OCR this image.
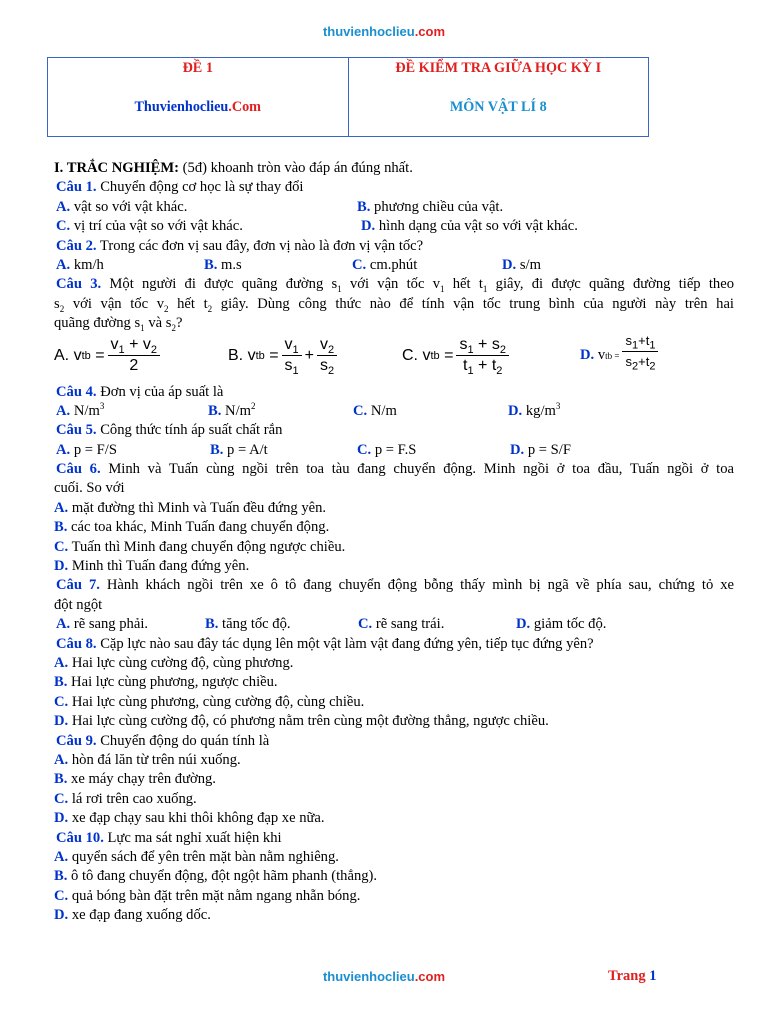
thuvienhoclieu.com
ĐỀ 1
Thuvienhoclieu.Com
ĐỀ KIỂM TRA GIỮA HỌC KỲ I
MÔN VẬT LÍ 8
I. TRẮC NGHIỆM: (5đ) khoanh tròn vào đáp án đúng nhất.
Câu 1. Chuyển động cơ học là sự thay đổi
A. vật so với vật khác.	B. phương chiều của vật.
C. vị trí của vật so với vật khác.	D. hình dạng của vật so với vật khác.
Câu 2. Trong các đơn vị sau đây, đơn vị nào là đơn vị vận tốc?
A. km/h	B. m.s	C. cm.phút	D. s/m
Câu 3. Một người đi được quãng đường $s_1$ với vận tốc $v_1$ hết $t_1$ giây, đi được quãng đường tiếp theo
$s_2$ với vận tốc $v_2$ hết $t_2$ giây. Dùng công thức nào để tính vận tốc trung bình của người này trên hai
quãng đường $s_1$ và $s_2$?
A. v tb
= $\frac{v_1 + v_2}{2}$	B. v tb
= $\frac{v_1}{s_1} + \frac{v_2}{s_2}$	C. v tb
= $\frac{s_1 + s_2}{t_1 + t_2}$	D.
v tb = $\frac{s_1+t_1}{s_2+t_2}$
Câu 4. Đơn vị của áp suất là
A. $N/m^3$	B. $N/m^2$	C. N/m	D. $kg/m^3$
Câu 5. Công thức tính áp suất chất rắn
A. p = F/S	B. p = A/t	C. p = F.S	D. p = S/F
Câu 6. Minh và Tuấn cùng ngồi trên toa tàu đang chuyển động. Minh ngồi ở toa đầu, Tuấn ngồi ở toa
cuối. So với
A. mặt đường thì Minh và Tuấn đều đứng yên.
B. các toa khác, Minh Tuấn đang chuyển động.
C. Tuấn thì Minh đang chuyển động ngược chiều.
D. Minh thì Tuấn đang đứng yên.
Câu 7. Hành khách ngồi trên xe ô tô đang chuyển động bỗng thấy mình bị ngã về phía sau, chứng tỏ xe
đột ngột
A. rẽ sang phải.	B. tăng tốc độ.	C. rẽ sang trái.	D. giảm tốc độ.
Câu 8. Cặp lực nào sau đây tác dụng lên một vật làm vật đang đứng yên, tiếp tục đứng yên?
A. Hai lực cùng cường độ, cùng phương.
B. Hai lực cùng phương, ngược chiều.
C. Hai lực cùng phương, cùng cường độ, cùng chiều.
D. Hai lực cùng cường độ, có phương nằm trên cùng một đường thẳng, ngược chiều.
Câu 9. Chuyển động do quán tính là
A. hòn đá lăn từ trên núi xuống.
B. xe máy chạy trên đường.
C. lá rơi trên cao xuống.
D. xe đạp chạy sau khi thôi không đạp xe nữa.
Câu 10. Lực ma sát nghỉ xuất hiện khi
A. quyển sách để yên trên mặt bàn nằm nghiêng.
B. ô tô đang chuyển động, đột ngột hãm phanh (thẳng).
C. quả bóng bàn đặt trên mặt nằm ngang nhẵn bóng.
D. xe đạp đang xuống dốc.
thuvienhoclieu.com	Trang 1
